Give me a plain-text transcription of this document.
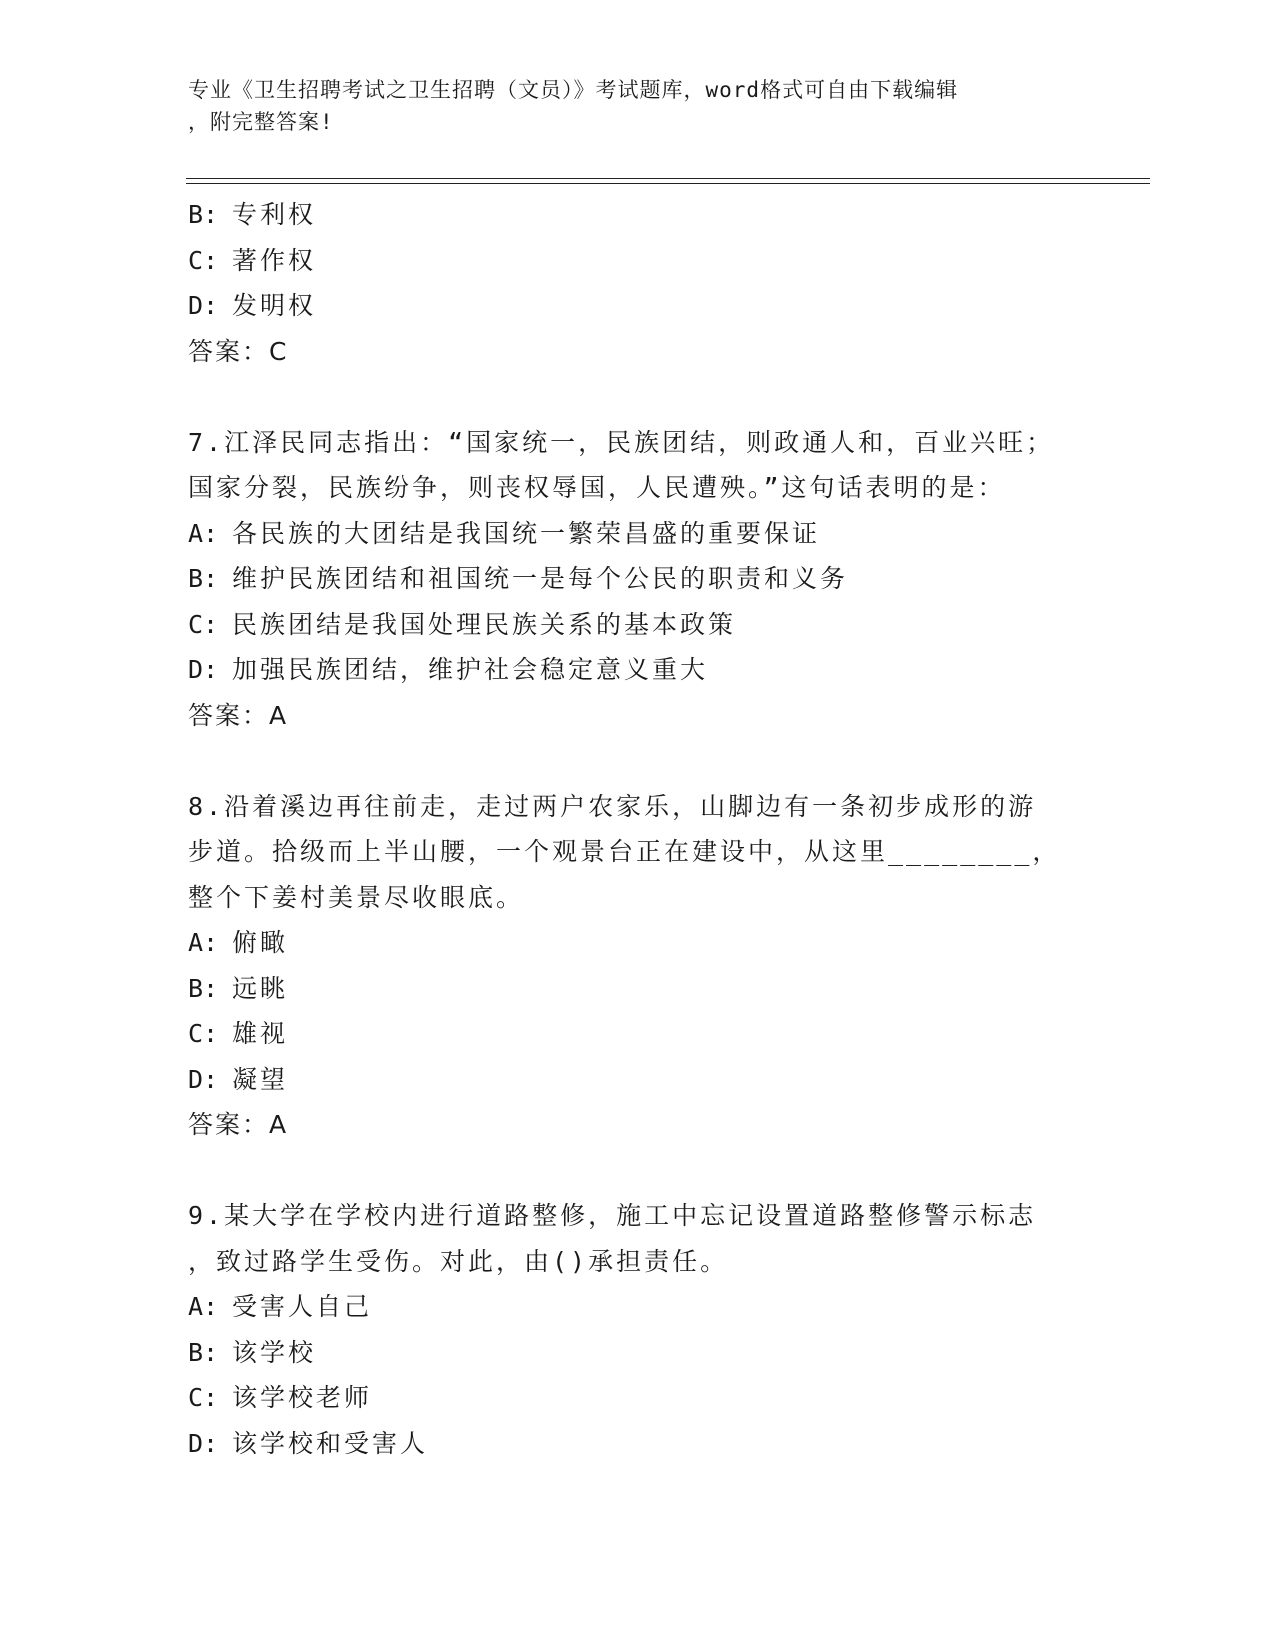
专业《卫生招聘考试之卫生招聘（文员）》考试题库，word格式可自由下载编辑
，附完整答案!
B: 专利权
C: 著作权
D: 发明权
答案：C
7.江泽民同志指出：“国家统一，民族团结，则政通人和，百业兴旺；
国家分裂，民族纷争，则丧权辱国，人民遭殃。”这句话表明的是：
A: 各民族的大团结是我国统一繁荣昌盛的重要保证
B: 维护民族团结和祖国统一是每个公民的职责和义务
C: 民族团结是我国处理民族关系的基本政策
D: 加强民族团结，维护社会稳定意义重大
答案：A
8.沿着溪边再往前走，走过两户农家乐，山脚边有一条初步成形的游
步道。拾级而上半山腰，一个观景台正在建设中，从这里________，
整个下姜村美景尽收眼底。
A: 俯瞰
B: 远眺
C: 雄视
D: 凝望
答案：A
9.某大学在学校内进行道路整修，施工中忘记设置道路整修警示标志
，致过路学生受伤。对此，由()承担责任。
A: 受害人自己
B: 该学校
C: 该学校老师
D: 该学校和受害人
